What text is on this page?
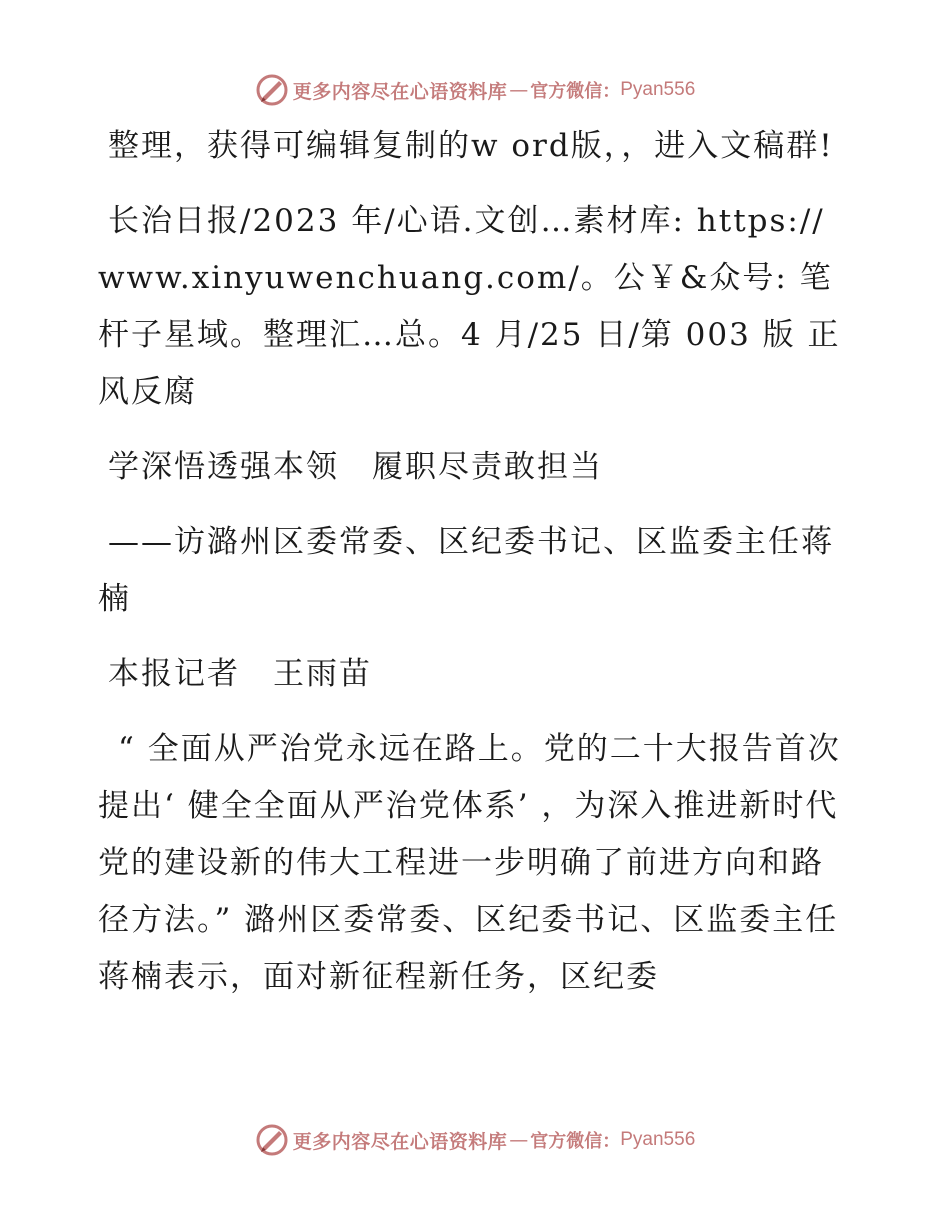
更多内容尽在心语资料库 — 官方微信： Pyan556

整理，获得可编辑复制的w ord版，，进入文稿群!

长治日报/2023 年/心语.文创…素材库: https://www.xinyuwenchuang.com/。公￥&众号: 笔杆子星域。整理汇…总。4 月/25 日/第 003 版 正风反腐

学深悟透强本领　履职尽责敢担当

——访潞州区委常委、区纪委书记、区监委主任蒋楠

本报记者　王雨苗

“ 全面从严治党永远在路上。党的二十大报告首次提出‘ 健全全面从严治党体系’ ，为深入推进新时代党的建设新的伟大工程进一步明确了前进方向和路径方法。” 潞州区委常委、区纪委书记、区监委主任蒋楠表示，面对新征程新任务，区纪委

更多内容尽在心语资料库 — 官方微信： Pyan556
